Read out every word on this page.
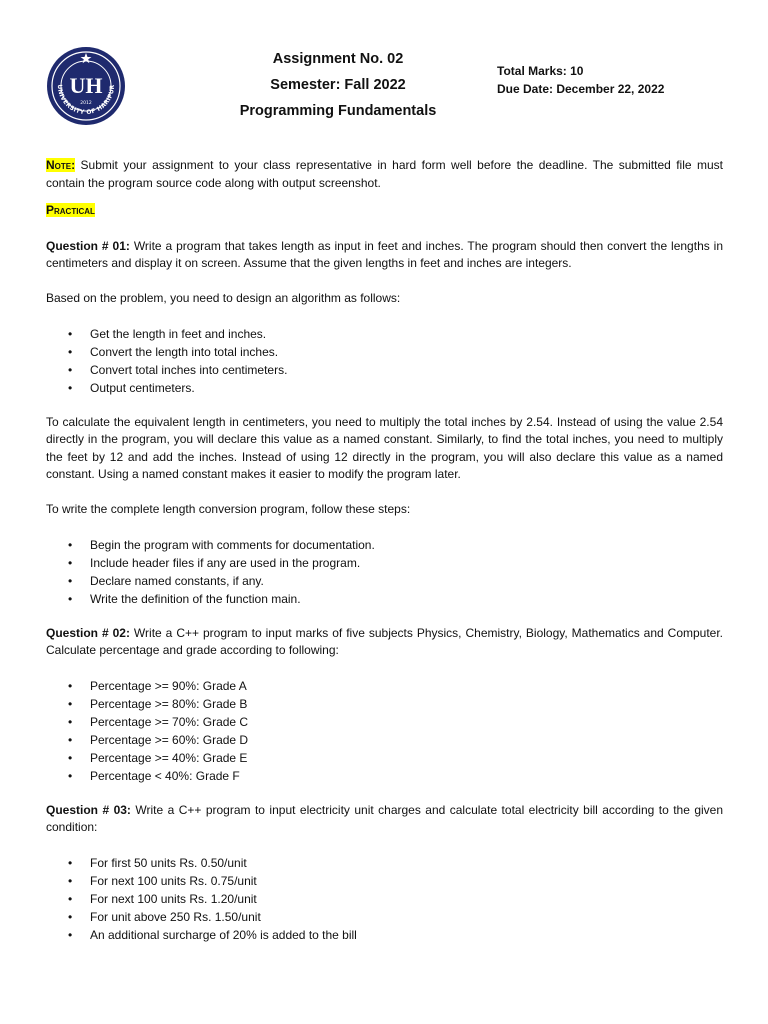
UH
2012
UNIVERSITY OF HARIPUR
Assignment No. 02
Semester: Fall 2022
Programming Fundamentals
Total Marks: 10
Due Date: December 22, 2022

Note: Submit your assignment to your class representative in hard form well before the deadline. The submitted file must contain the program source code along with output screenshot.

Practical

Question # 01: Write a program that takes length as input in feet and inches. The program should then convert the lengths in centimeters and display it on screen. Assume that the given lengths in feet and inches are integers.

Based on the problem, you need to design an algorithm as follows:

• Get the length in feet and inches.
• Convert the length into total inches.
• Convert total inches into centimeters.
• Output centimeters.

To calculate the equivalent length in centimeters, you need to multiply the total inches by 2.54. Instead of using the value 2.54 directly in the program, you will declare this value as a named constant. Similarly, to find the total inches, you need to multiply the feet by 12 and add the inches. Instead of using 12 directly in the program, you will also declare this value as a named constant. Using a named constant makes it easier to modify the program later.

To write the complete length conversion program, follow these steps:

• Begin the program with comments for documentation.
• Include header files if any are used in the program.
• Declare named constants, if any.
• Write the definition of the function main.

Question # 02: Write a C++ program to input marks of five subjects Physics, Chemistry, Biology, Mathematics and Computer. Calculate percentage and grade according to following:

• Percentage >= 90%: Grade A
• Percentage >= 80%: Grade B
• Percentage >= 70%: Grade C
• Percentage >= 60%: Grade D
• Percentage >= 40%: Grade E
• Percentage < 40%: Grade F

Question # 03: Write a C++ program to input electricity unit charges and calculate total electricity bill according to the given condition:

• For first 50 units Rs. 0.50/unit
• For next 100 units Rs. 0.75/unit
• For next 100 units Rs. 1.20/unit
• For unit above 250 Rs. 1.50/unit
• An additional surcharge of 20% is added to the bill
